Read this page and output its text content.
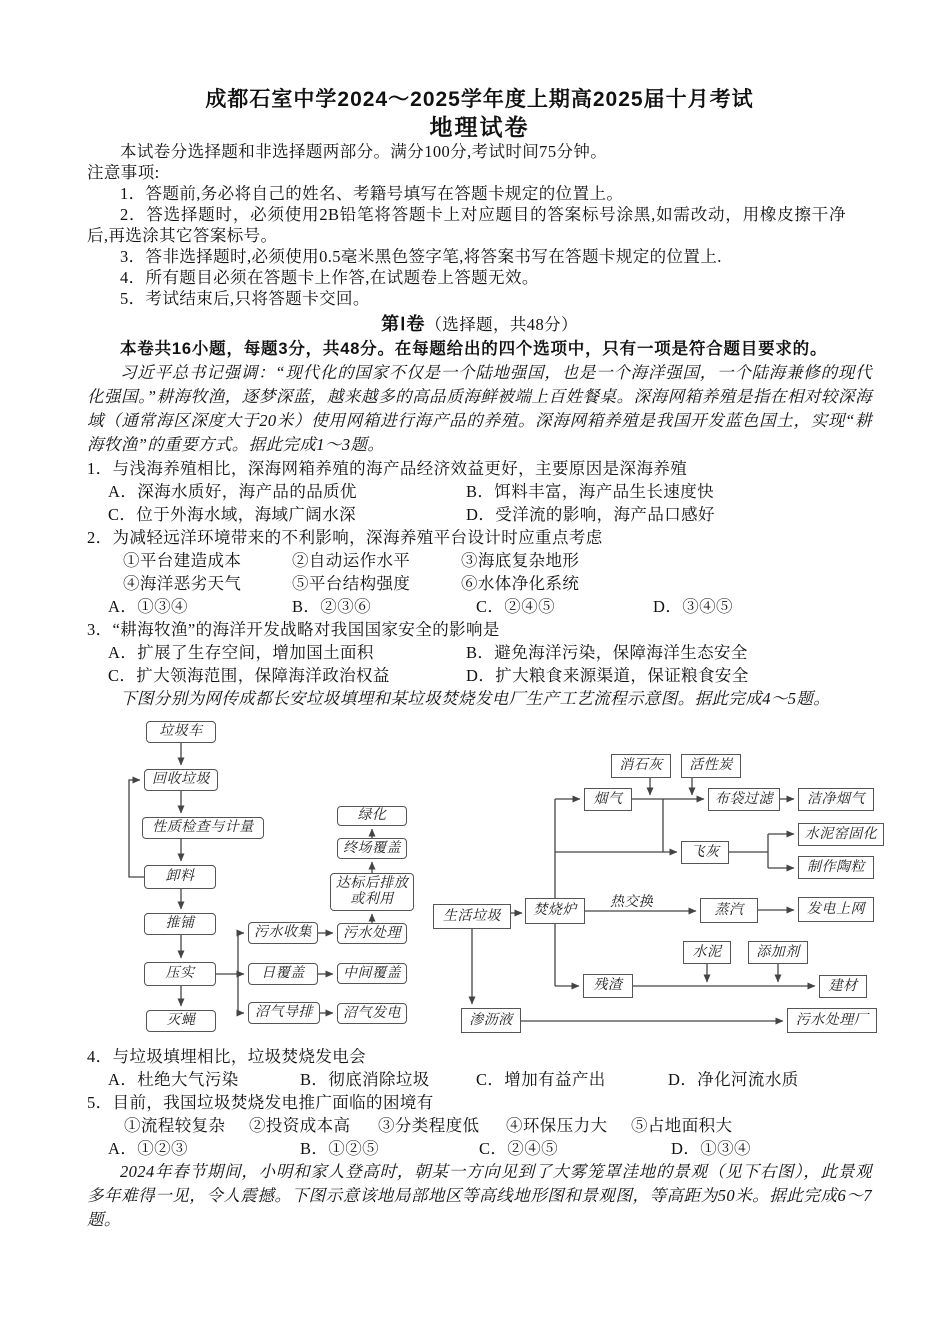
成都石室中学2024～2025学年度上期高2025届十月考试
地理试卷

本试卷分选择题和非选择题两部分。满分100分,考试时间75分钟。

注意事项:

1．答题前,务必将自己的姓名、考籍号填写在答题卡规定的位置上。

2．答选择题时，必须使用2B铅笔将答题卡上对应题目的答案标号涂黑,如需改动，用橡皮擦干净后,再选涂其它答案标号。

3．答非选择题时,必须使用0.5毫米黑色签字笔,将答案书写在答题卡规定的位置上.

4．所有题目必须在答题卡上作答,在试题卷上答题无效。

5．考试结束后,只将答题卡交回。

第Ⅰ卷（选择题，共48分）

本卷共16小题，每题3分，共48分。在每题给出的四个选项中，只有一项是符合题目要求的。

习近平总书记强调：“现代化的国家不仅是一个陆地强国，也是一个海洋强国，一个陆海兼修的现代化强国。”耕海牧渔，逐梦深蓝，越来越多的高品质海鲜被端上百姓餐桌。深海网箱养殖是指在相对较深海域（通常海区深度大于20米）使用网箱进行海产品的养殖。深海网箱养殖是我国开发蓝色国土，实现“耕海牧渔”的重要方式。据此完成1～3题。

1．与浅海养殖相比，深海网箱养殖的海产品经济效益更好，主要原因是深海养殖

A．深海水质好，海产品的品质优	B．饵料丰富，海产品生长速度快
C．位于外海水域，海域广阔水深	D．受洋流的影响，海产品口感好

2．为减轻远洋环境带来的不利影响，深海养殖平台设计时应重点考虑

①平台建造成本	②自动运作水平	③海底复杂地形
④海洋恶劣天气	⑤平台结构强度	⑥水体净化系统
A．①③④	B．②③⑥	C．②④⑤	D．③④⑤

3．“耕海牧渔”的海洋开发战略对我国国家安全的影响是

A．扩展了生存空间，增加国土面积	B．避免海洋污染，保障海洋生态安全
C．扩大领海范围，保障海洋政治权益	D．扩大粮食来源渠道，保证粮食安全

下图分别为网传成都长安垃圾填埋和某垃圾焚烧发电厂生产工艺流程示意图。据此完成4～5题。

垃圾车
回收垃圾
性质检查与计量
卸料
推铺
压实
灭蝇
污水收集
日覆盖
沼气导排
绿化
终场覆盖
达标后排放或利用
污水处理
中间覆盖
沼气发电
消石灰	活性炭
烟气	布袋过滤	洁净烟气
水泥窑固化
飞灰
制作陶粒
生活垃圾	焚烧炉
热交换	蒸汽	发电上网
水泥	添加剂
残渣	建材
渗沥液	污水处理厂

4．与垃圾填埋相比，垃圾焚烧发电会

A．杜绝大气污染	B．彻底消除垃圾	C．增加有益产出	D．净化河流水质

5．目前，我国垃圾焚烧发电推广面临的困境有

①流程较复杂 ②投资成本高 ③分类程度低 ④环保压力大 ⑤占地面积大
A．①②③	B．①②⑤	C．②④⑤	D．①③④

2024年春节期间，小明和家人登高时，朝某一方向见到了大雾笼罩洼地的景观（见下右图），此景观多年难得一见，令人震撼。下图示意该地局部地区等高线地形图和景观图，等高距为50米。据此完成6～7题。
